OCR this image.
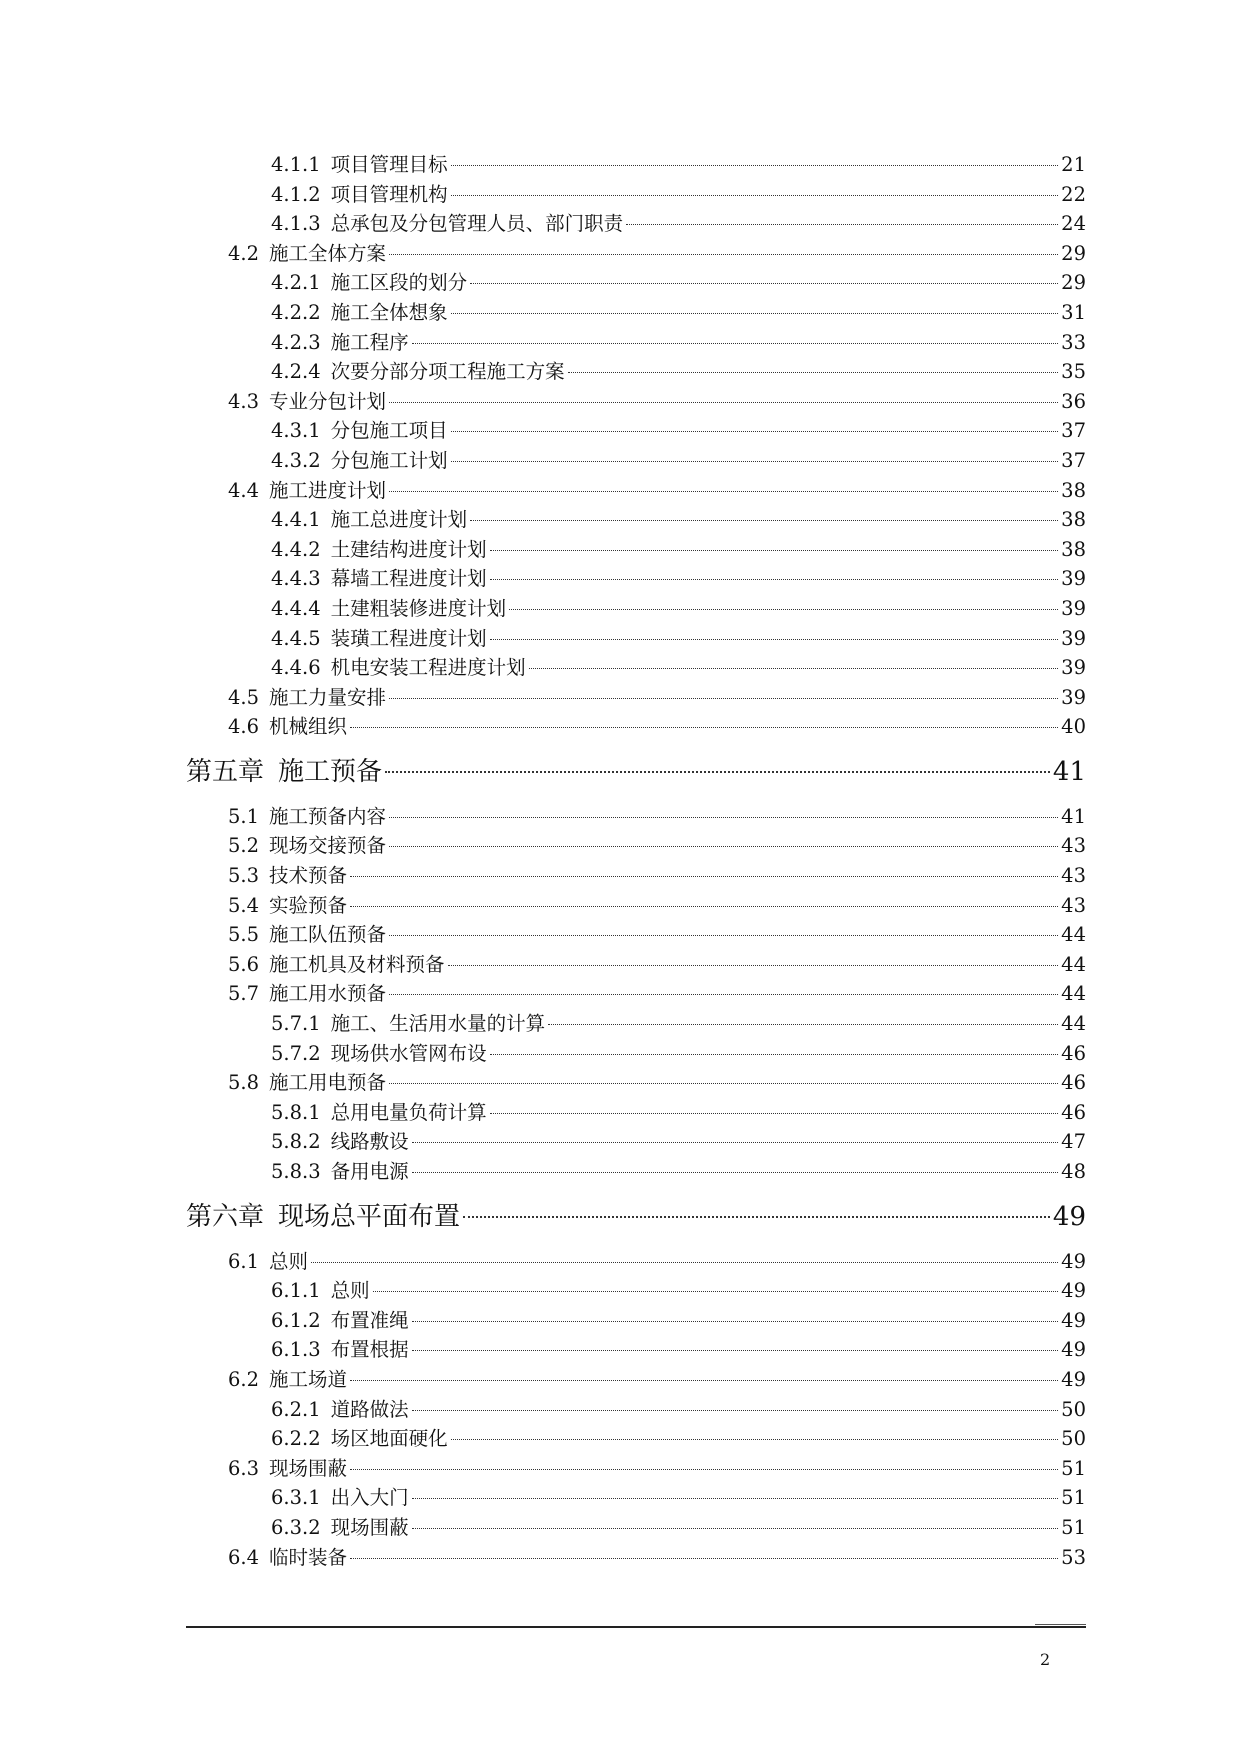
4.1.1 项目管理目标	21
4.1.2 项目管理机构	22
4.1.3 总承包及分包管理人员、部门职责	24
4.2 施工全体方案	29
4.2.1 施工区段的划分	29
4.2.2 施工全体想象	31
4.2.3 施工程序	33
4.2.4 次要分部分项工程施工方案	35
4.3 专业分包计划	36
4.3.1 分包施工项目	37
4.3.2 分包施工计划	37
4.4 施工进度计划	38
4.4.1 施工总进度计划	38
4.4.2 土建结构进度计划	38
4.4.3 幕墙工程进度计划	39
4.4.4 土建粗装修进度计划	39
4.4.5 装璜工程进度计划	39
4.4.6 机电安装工程进度计划	39
4.5 施工力量安排	39
4.6 机械组织	40
第五章 施工预备	41
5.1 施工预备内容	41
5.2 现场交接预备	43
5.3 技术预备	43
5.4 实验预备	43
5.5 施工队伍预备	44
5.6 施工机具及材料预备	44
5.7 施工用水预备	44
5.7.1 施工、生活用水量的计算	44
5.7.2 现场供水管网布设	46
5.8 施工用电预备	46
5.8.1 总用电量负荷计算	46
5.8.2 线路敷设	47
5.8.3 备用电源	48
第六章 现场总平面布置	49
6.1 总则	49
6.1.1 总则	49
6.1.2 布置准绳	49
6.1.3 布置根据	49
6.2 施工场道	49
6.2.1 道路做法	50
6.2.2 场区地面硬化	50
6.3 现场围蔽	51
6.3.1 出入大门	51
6.3.2 现场围蔽	51
6.4 临时装备	53
2
